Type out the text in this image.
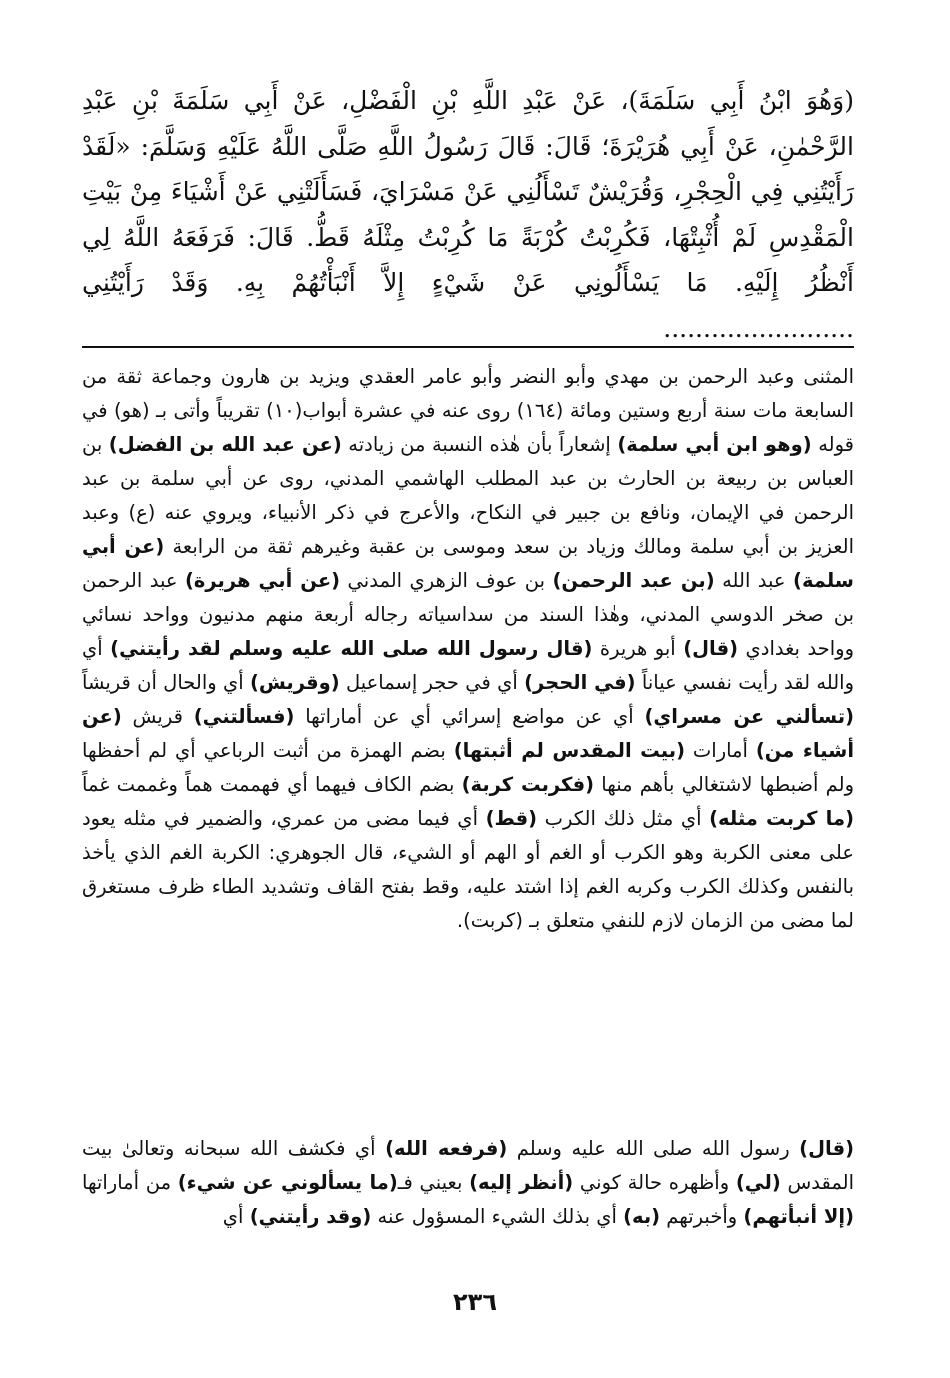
(وَهُوَ ابْنُ أَبِي سَلَمَةَ)، عَنْ عَبْدِ اللَّهِ بْنِ الْفَضْلِ، عَنْ أَبِي سَلَمَةَ بْنِ عَبْدِ الرَّحْمٰنِ، عَنْ أَبِي هُرَيْرَةَ؛ قَالَ: قَالَ رَسُولُ اللَّهِ صَلَّى اللَّهُ عَلَيْهِ وَسَلَّمَ: «لَقَدْ رَأَيْتُنِي فِي الْحِجْرِ، وَقُرَيْشٌ تَسْأَلُنِي عَنْ مَسْرَايَ، فَسَأَلَتْنِي عَنْ أَشْيَاءَ مِنْ بَيْتِ الْمَقْدِسِ لَمْ أُثْبِتْهَا، فَكُرِبْتُ كُرْبَةً مَا كُرِبْتُ مِثْلَهُ قَطُّ. قَالَ: فَرَفَعَهُ اللَّهُ لِي أَنْظُرُ إِلَيْهِ. مَا يَسْأَلُونِي عَنْ شَيْءٍ إِلاَّ أَنْبَأْتُهُمْ بِهِ. وَقَدْ رَأَيْتُنِي ........................

المثنى وعبد الرحمن بن مهدي وأبو النضر وأبو عامر العقدي ويزيد بن هارون وجماعة ثقة من السابعة مات سنة أربع وستين ومائة (١٦٤) روى عنه في عشرة أبواب(١٠) تقريباً وأتى بـ (هو) في قوله (وهو ابن أبي سلمة) إشعاراً بأن هٰذه النسبة من زيادته (عن عبد الله بن الفضل) بن العباس بن ربيعة بن الحارث بن عبد المطلب الهاشمي المدني، روى عن أبي سلمة بن عبد الرحمن في الإيمان، ونافع بن جبير في النكاح، والأعرج في ذكر الأنبياء، ويروي عنه (ع) وعبد العزيز بن أبي سلمة ومالك وزياد بن سعد وموسى بن عقبة وغيرهم ثقة من الرابعة (عن أبي سلمة) عبد الله (بن عبد الرحمن) بن عوف الزهري المدني (عن أبي هريرة) عبد الرحمن بن صخر الدوسي المدني، وهٰذا السند من سداسياته رجاله أربعة منهم مدنيون وواحد نسائي وواحد بغدادي (قال) أبو هريرة (قال رسول الله صلى الله عليه وسلم لقد رأيتني) أي والله لقد رأيت نفسي عياناً (في الحجر) أي في حجر إسماعيل (وقريش) أي والحال أن قريشاً (تسألني عن مسراي) أي عن مواضع إسرائي أي عن أماراتها (فسألتني) قريش (عن أشياء من) أمارات (بيت المقدس لم أثبتها) بضم الهمزة من أثبت الرباعي أي لم أحفظها ولم أضبطها لاشتغالي بأهم منها (فكربت كربة) بضم الكاف فيهما أي فهممت هماً وغممت غماً (ما كربت مثله) أي مثل ذلك الكرب (قط) أي فيما مضى من عمري، والضمير في مثله يعود على معنى الكربة وهو الكرب أو الغم أو الهم أو الشيء، قال الجوهري: الكربة الغم الذي يأخذ بالنفس وكذلك الكرب وكربه الغم إذا اشتد عليه، وقط بفتح القاف وتشديد الطاء ظرف مستغرق لما مضى من الزمان لازم للنفي متعلق بـ (كربت).

(قال) رسول الله صلى الله عليه وسلم (فرفعه الله) أي فكشف الله سبحانه وتعالىٰ بيت المقدس (لي) وأظهره حالة كوني (أنظر إليه) بعيني فـ(ما يسألوني عن شيء) من أماراتها (إلا أنبأتهم) وأخبرتهم (به) أي بذلك الشيء المسؤول عنه (وقد رأيتني) أي

٢٣٦
